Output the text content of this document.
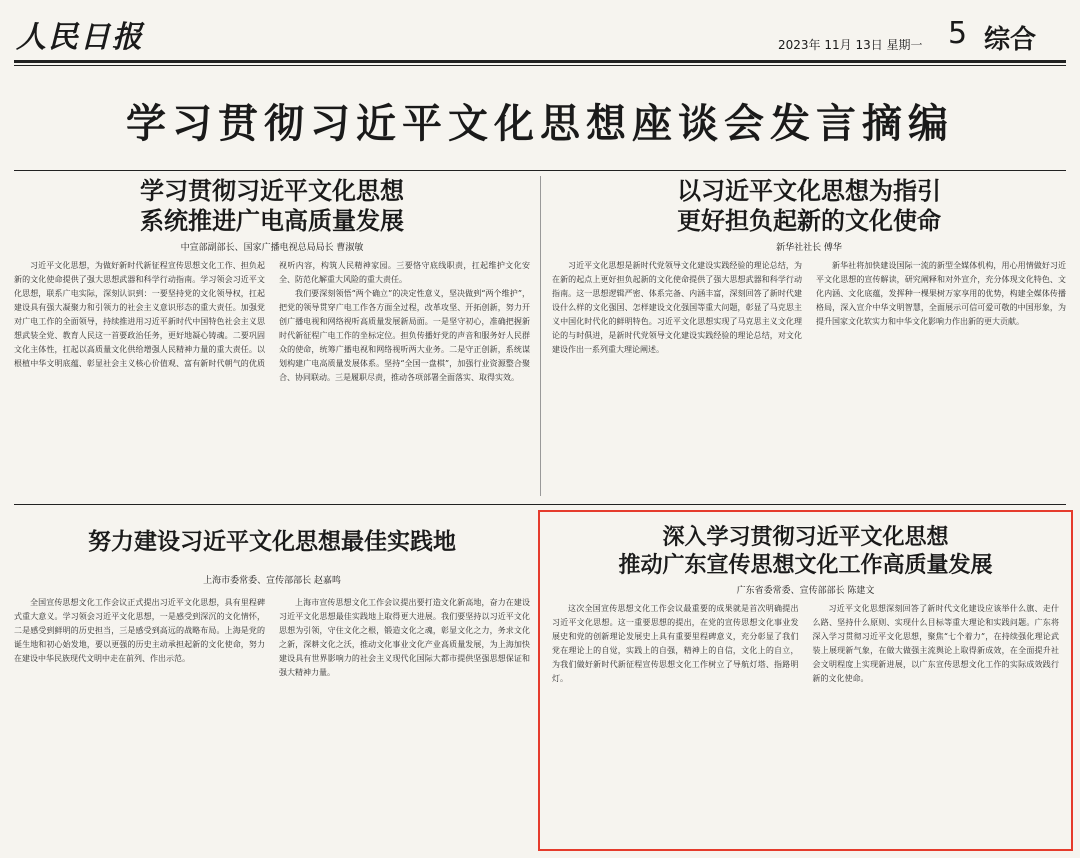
人民日报	2023年 11月 13日 星期一 5 综合
学习贯彻习近平文化思想座谈会发言摘编
学习贯彻习近平文化思想
系统推进广电高质量发展
中宣部副部长、国家广播电视总局局长 曹淑敏

习近平文化思想，为做好新时代新征程宣传思想文化工作、担负起新的文化使命提供了强大思想武器和科学行动指南。学习领会习近平文化思想，联系广电实际，深刻认识到：一要坚持党的文化领导权，扛起建设具有强大凝聚力和引领力的社会主义意识形态的重大责任。加强党对广电工作的全面领导，持续推进用习近平新时代中国特色社会主义思想武装全党、教育人民这一首要政治任务，更好地凝心铸魂。二要巩固文化主体性，扛起以高质量文化供给增强人民精神力量的重大责任。以根植中华文明底蕴、彰显社会主义核心价值观、富有新时代朝气的优质视听内容，构筑人民精神家园。三要恪守底线职责，扛起维护文化安全、防范化解重大风险的重大责任。

我们要深刻领悟“两个确立”的决定性意义，坚决做到“两个维护”，把党的领导贯穿广电工作各方面全过程，改革攻坚、开拓创新，努力开创广播电视和网络视听高质量发展新局面。一是坚守初心，准确把握新时代新征程广电工作的坐标定位。担负传播好党的声音和服务好人民群众的使命，统筹广播电视和网络视听两大业务。二是守正创新，系统谋划构建广电高质量发展体系。坚持“全国一盘棋”，加强行业资源整合聚合、协同联动。三是履职尽责，推动各项部署全面落实、取得实效。

以习近平文化思想为指引
更好担负起新的文化使命
新华社社长 傅华

习近平文化思想是新时代党领导文化建设实践经验的理论总结，为在新的起点上更好担负起新的文化使命提供了强大思想武器和科学行动指南。这一思想逻辑严密、体系完备、内涵丰富，深刻回答了新时代建设什么样的文化强国、怎样建设文化强国等重大问题，彰显了马克思主义中国化时代化的鲜明特色。习近平文化思想实现了马克思主义文化理论的与时俱进，是新时代党领导文化建设实践经验的理论总结，对文化建设作出一系列重大理论阐述。

新华社将加快建设国际一流的新型全媒体机构，用心用情做好习近平文化思想的宣传解读，研究阐释和对外宣介，充分体现文化特色、文化内涵、文化底蕴，发挥种一棵果树万家享用的优势，构建全媒体传播格局，深入宣介中华文明智慧，全面展示可信可爱可敬的中国形象，为提升国家文化软实力和中华文化影响力作出新的更大贡献。

努力建设习近平文化思想最佳实践地
上海市委常委、宣传部部长 赵嘉鸣

全国宣传思想文化工作会议正式提出习近平文化思想，具有里程碑式重大意义。学习领会习近平文化思想，一是感受到深沉的文化情怀，二是感受到鲜明的历史担当，三是感受到高远的战略布局。上海是党的诞生地和初心始发地，要以更强的历史主动承担起新的文化使命，努力在建设中华民族现代文明中走在前列、作出示范。

上海市宣传思想文化工作会议提出要打造文化新高地，奋力在建设习近平文化思想最佳实践地上取得更大进展。我们要坚持以习近平文化思想为引领，守住文化之根，锻造文化之魂，彰显文化之力，务求文化之新，深耕文化之沃，推动文化事业文化产业高质量发展，为上海加快建设具有世界影响力的社会主义现代化国际大都市提供坚强思想保证和强大精神力量。

深入学习贯彻习近平文化思想
推动广东宣传思想文化工作高质量发展
广东省委常委、宣传部部长 陈建文

这次全国宣传思想文化工作会议最重要的成果就是首次明确提出习近平文化思想。这一重要思想的提出，在党的宣传思想文化事业发展史和党的创新理论发展史上具有重要里程碑意义，充分彰显了我们党在理论上的自觉，实践上的自强，精神上的自信，文化上的自立，为我们做好新时代新征程宣传思想文化工作树立了导航灯塔、指路明灯。

习近平文化思想深刻回答了新时代文化建设应该举什么旗、走什么路、坚持什么原则、实现什么目标等重大理论和实践问题。广东将深入学习贯彻习近平文化思想，聚焦“七个着力”，在持续强化理论武装上展现新气象，在做大做强主流舆论上取得新成效，在全面提升社会文明程度上实现新进展，以广东宣传思想文化工作的实际成效践行新的文化使命。
